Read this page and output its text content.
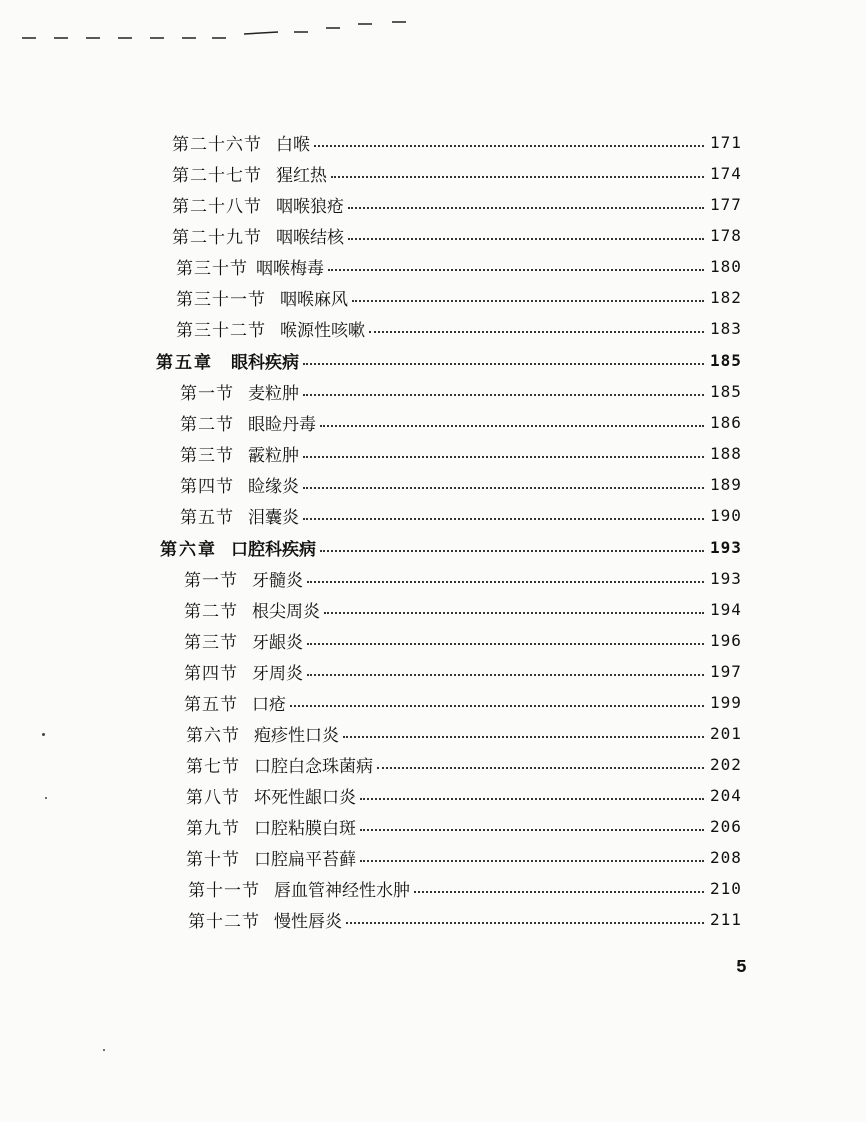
第二十六节 白喉	171
第二十七节 猩红热	174
第二十八节 咽喉狼疮	177
第二十九节 咽喉结核	178
第三十节 咽喉梅毒	180
第三十一节 咽喉麻风	182
第三十二节 喉源性咳嗽	183
第五章 眼科疾病	185
第一节 麦粒肿	185
第二节 眼睑丹毒	186
第三节 霰粒肿	188
第四节 睑缘炎	189
第五节 泪囊炎	190
第六章 口腔科疾病	193
第一节 牙髓炎	193
第二节 根尖周炎	194
第三节 牙龈炎	196
第四节 牙周炎	197
第五节 口疮	199
第六节 疱疹性口炎	201
第七节 口腔白念珠菌病	202
第八节 坏死性龈口炎	204
第九节 口腔粘膜白斑	206
第十节 口腔扁平苔藓	208
第十一节 唇血管神经性水肿	210
第十二节 慢性唇炎	211
5
